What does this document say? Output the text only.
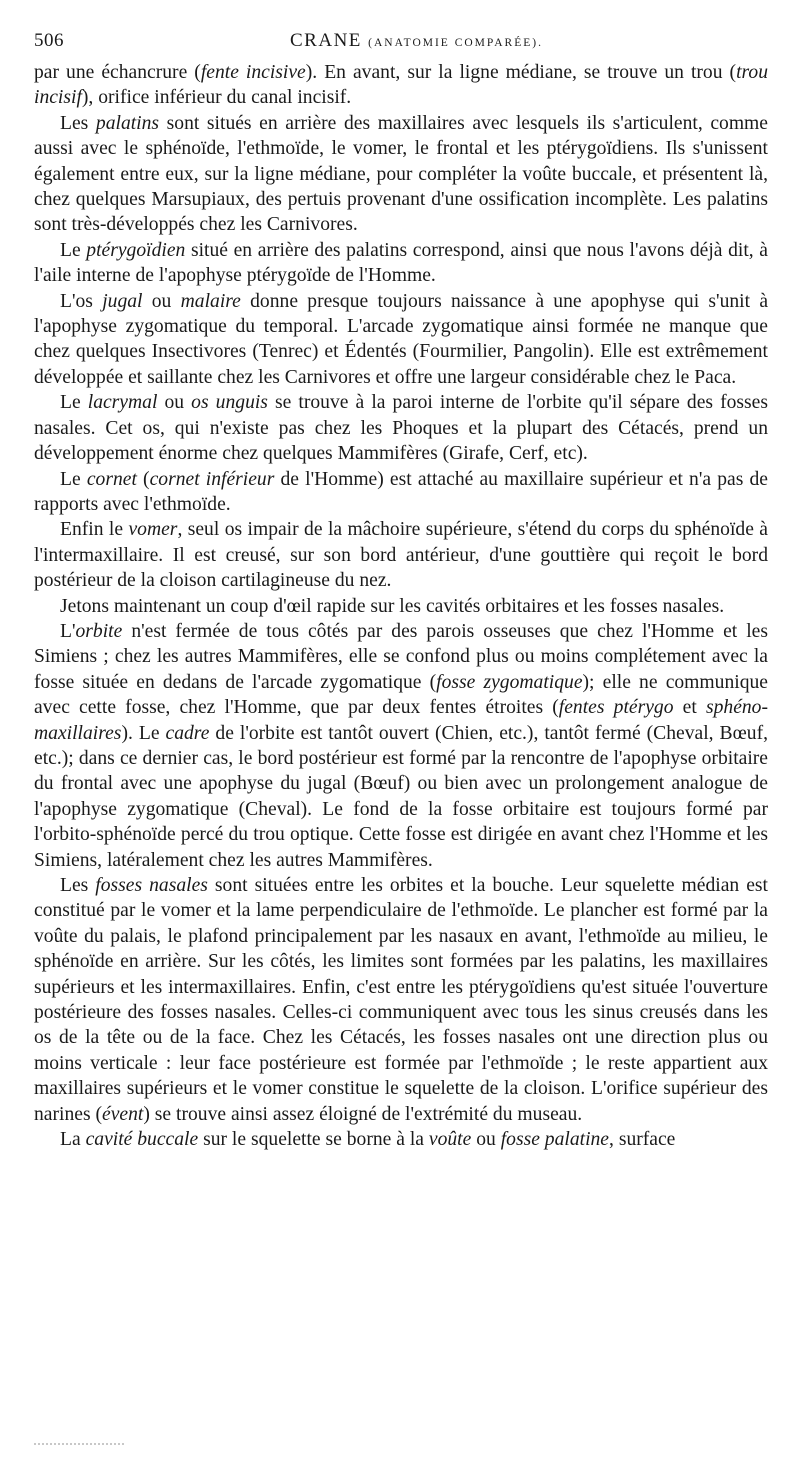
506	CRANE (ANATOMIE COMPARÉE).

par une échancrure (fente incisive). En avant, sur la ligne médiane, se trouve un trou (trou incisif), orifice inférieur du canal incisif.

Les palatins sont situés en arrière des maxillaires avec lesquels ils s'articulent, comme aussi avec le sphénoïde, l'ethmoïde, le vomer, le frontal et les ptérygoïdiens. Ils s'unissent également entre eux, sur la ligne médiane, pour compléter la voûte buccale, et présentent là, chez quelques Marsupiaux, des pertuis provenant d'une ossification incomplète. Les palatins sont très-développés chez les Carnivores.

Le ptérygoïdien situé en arrière des palatins correspond, ainsi que nous l'avons déjà dit, à l'aile interne de l'apophyse ptérygoïde de l'Homme.

L'os jugal ou malaire donne presque toujours naissance à une apophyse qui s'unit à l'apophyse zygomatique du temporal. L'arcade zygomatique ainsi formée ne manque que chez quelques Insectivores (Tenrec) et Édentés (Fourmilier, Pangolin). Elle est extrêmement développée et saillante chez les Carnivores et offre une largeur considérable chez le Paca.

Le lacrymal ou os unguis se trouve à la paroi interne de l'orbite qu'il sépare des fosses nasales. Cet os, qui n'existe pas chez les Phoques et la plupart des Cétacés, prend un développement énorme chez quelques Mammifères (Girafe, Cerf, etc).

Le cornet (cornet inférieur de l'Homme) est attaché au maxillaire supérieur et n'a pas de rapports avec l'ethmoïde.

Enfin le vomer, seul os impair de la mâchoire supérieure, s'étend du corps du sphénoïde à l'intermaxillaire. Il est creusé, sur son bord antérieur, d'une gouttière qui reçoit le bord postérieur de la cloison cartilagineuse du nez.

Jetons maintenant un coup d'œil rapide sur les cavités orbitaires et les fosses nasales.

L'orbite n'est fermée de tous côtés par des parois osseuses que chez l'Homme et les Simiens ; chez les autres Mammifères, elle se confond plus ou moins complétement avec la fosse située en dedans de l'arcade zygomatique (fosse zygomatique); elle ne communique avec cette fosse, chez l'Homme, que par deux fentes étroites (fentes ptérygo et sphéno-maxillaires). Le cadre de l'orbite est tantôt ouvert (Chien, etc.), tantôt fermé (Cheval, Bœuf, etc.); dans ce dernier cas, le bord postérieur est formé par la rencontre de l'apophyse orbitaire du frontal avec une apophyse du jugal (Bœuf) ou bien avec un prolongement analogue de l'apophyse zygomatique (Cheval). Le fond de la fosse orbitaire est toujours formé par l'orbito-sphénoïde percé du trou optique. Cette fosse est dirigée en avant chez l'Homme et les Simiens, latéralement chez les autres Mammifères.

Les fosses nasales sont situées entre les orbites et la bouche. Leur squelette médian est constitué par le vomer et la lame perpendiculaire de l'ethmoïde. Le plancher est formé par la voûte du palais, le plafond principalement par les nasaux en avant, l'ethmoïde au milieu, le sphénoïde en arrière. Sur les côtés, les limites sont formées par les palatins, les maxillaires supérieurs et les intermaxillaires. Enfin, c'est entre les ptérygoïdiens qu'est située l'ouverture postérieure des fosses nasales. Celles-ci communiquent avec tous les sinus creusés dans les os de la tête ou de la face. Chez les Cétacés, les fosses nasales ont une direction plus ou moins verticale : leur face postérieure est formée par l'ethmoïde ; le reste appartient aux maxillaires supérieurs et le vomer constitue le squelette de la cloison. L'orifice supérieur des narines (évent) se trouve ainsi assez éloigné de l'extrémité du museau.

La cavité buccale sur le squelette se borne à la voûte ou fosse palatine, surface
